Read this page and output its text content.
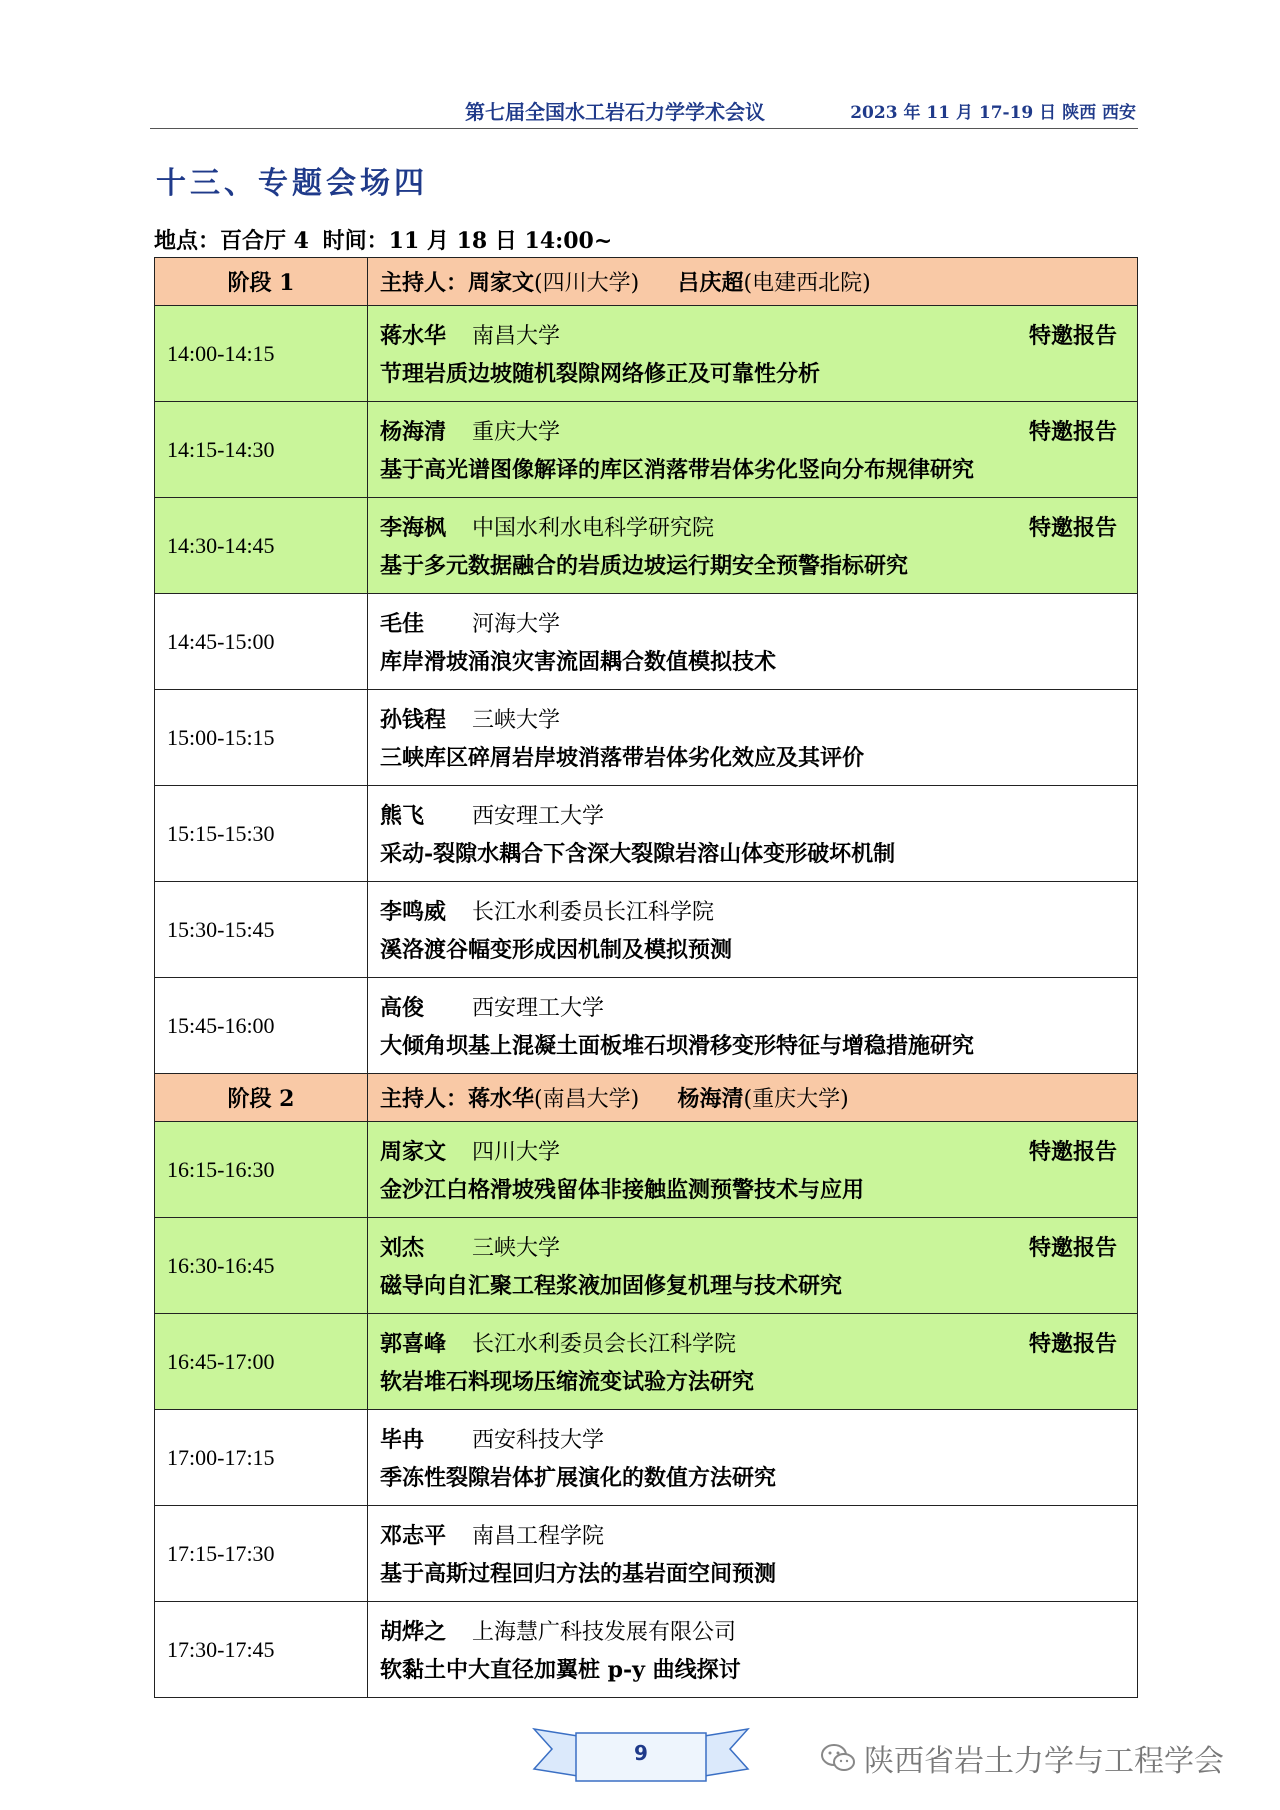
第七届全国水工岩石力学学术会议	2023 年 11 月 17-19 日 陕西 西安
十三、专题会场四
地点：百合厅 4 时间：11 月 18 日 14:00~
阶段 1	主持人：周家文(四川大学) 吕庆超(电建西北院)
14:00-14:15	蒋水华 南昌大学 特邀报告
节理岩质边坡随机裂隙网络修正及可靠性分析

14:15-14:30	杨海清 重庆大学 特邀报告
基于高光谱图像解译的库区消落带岩体劣化竖向分布规律研究

14:30-14:45	李海枫 中国水利水电科学研究院 特邀报告
基于多元数据融合的岩质边坡运行期安全预警指标研究

14:45-15:00	毛佳 河海大学
库岸滑坡涌浪灾害流固耦合数值模拟技术

15:00-15:15	孙钱程 三峡大学
三峡库区碎屑岩岸坡消落带岩体劣化效应及其评价

15:15-15:30	熊飞 西安理工大学
采动-裂隙水耦合下含深大裂隙岩溶山体变形破坏机制

15:30-15:45	李鸣威 长江水利委员长江科学院
溪洛渡谷幅变形成因机制及模拟预测

15:45-16:00	高俊 西安理工大学
大倾角坝基上混凝土面板堆石坝滑移变形特征与增稳措施研究

阶段 2	主持人：蒋水华(南昌大学) 杨海清(重庆大学)
16:15-16:30	周家文 四川大学 特邀报告
金沙江白格滑坡残留体非接触监测预警技术与应用

16:30-16:45	刘杰 三峡大学 特邀报告
磁导向自汇聚工程浆液加固修复机理与技术研究

16:45-17:00	郭喜峰 长江水利委员会长江科学院 特邀报告
软岩堆石料现场压缩流变试验方法研究

17:00-17:15	毕冉 西安科技大学
季冻性裂隙岩体扩展演化的数值方法研究

17:15-17:30	邓志平 南昌工程学院
基于高斯过程回归方法的基岩面空间预测

17:30-17:45	胡烨之 上海慧广科技发展有限公司
软黏土中大直径加翼桩 p-y 曲线探讨
9	陕西省岩土力学与工程学会
